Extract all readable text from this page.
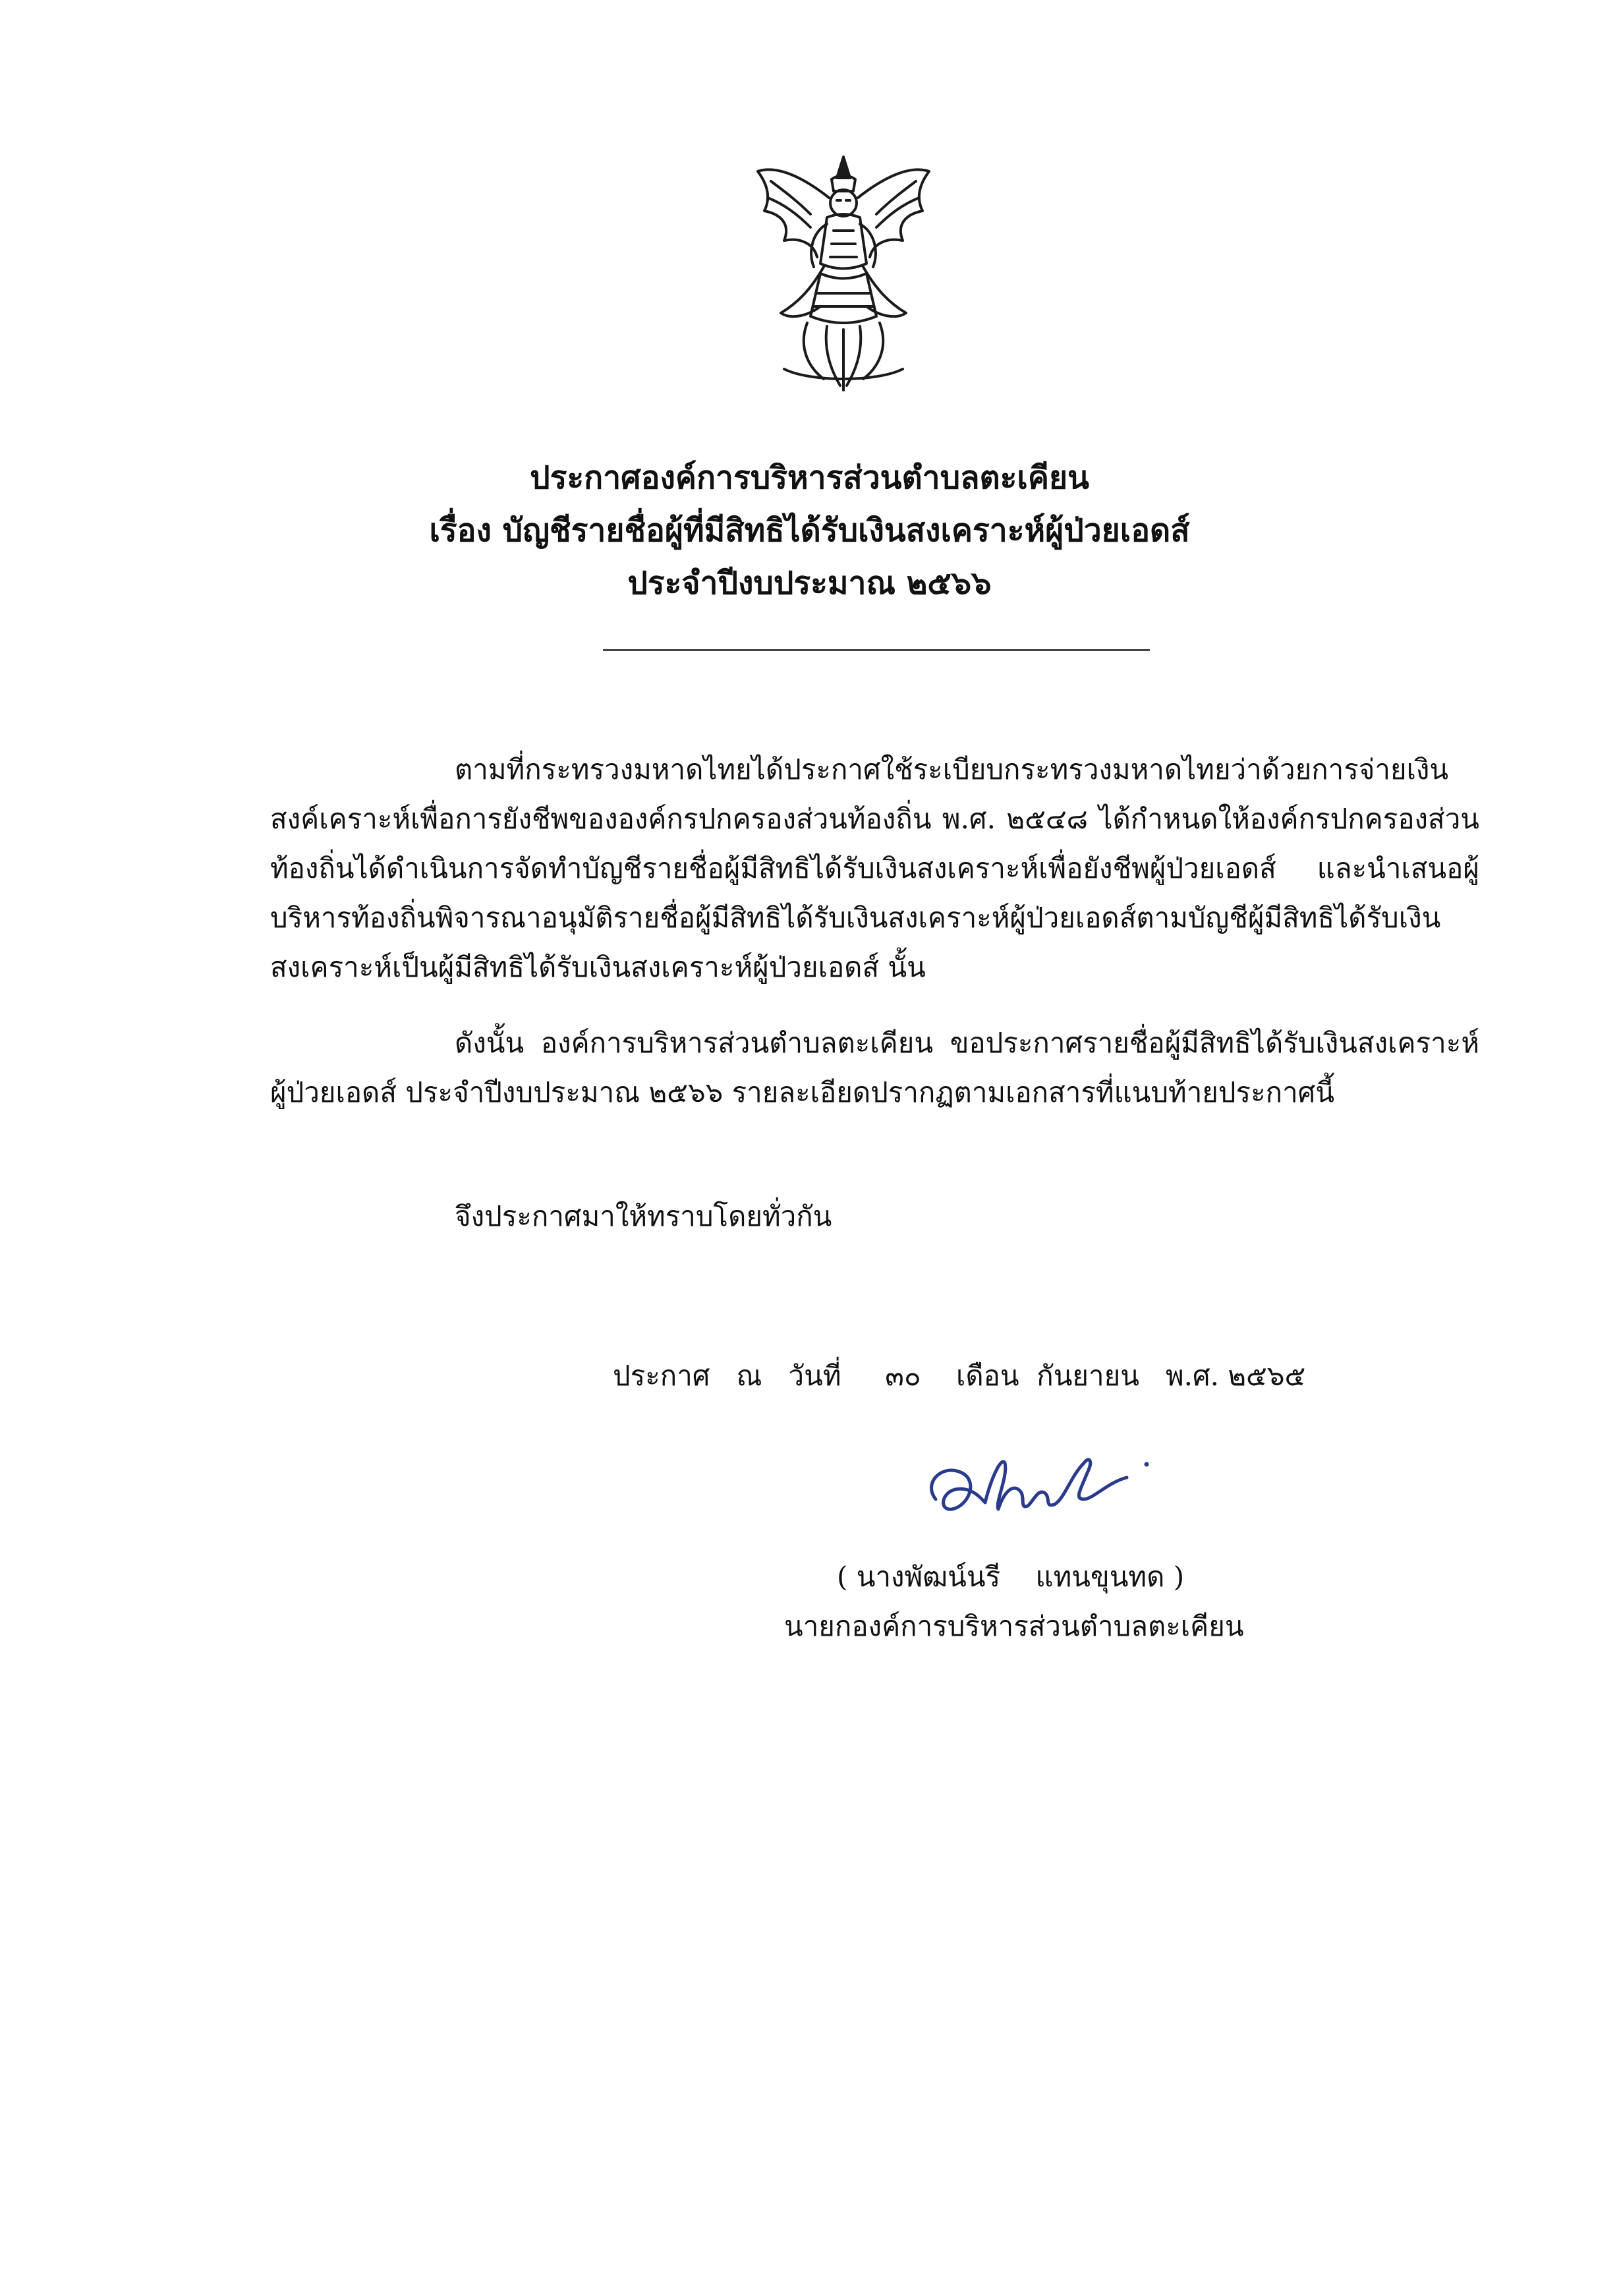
ประกาศองค์การบริหารส่วนตำบลตะเคียน
เรื่อง บัญชีรายชื่อผู้ที่มีสิทธิได้รับเงินสงเคราะห์ผู้ป่วยเอดส์
ประจำปีงบประมาณ ๒๕๖๖
ตามที่กระทรวงมหาดไทยได้ประกาศใช้ระเบียบกระทรวงมหาดไทยว่าด้วยการจ่ายเงินสงค์เคราะห์เพื่อการยังชีพขององค์กรปกครองส่วนท้องถิ่น พ.ศ. ๒๕๔๘ ได้กำหนดให้องค์กรปกครองส่วนท้องถิ่นได้ดำเนินการจัดทำบัญชีรายชื่อผู้มีสิทธิได้รับเงินสงเคราะห์เพื่อยังชีพผู้ป่วยเอดส์ และนำเสนอผู้บริหารท้องถิ่นพิจารณาอนุมัติรายชื่อผู้มีสิทธิได้รับเงินสงเคราะห์ผู้ป่วยเอดส์ตามบัญชีผู้มีสิทธิได้รับเงินสงเคราะห์เป็นผู้มีสิทธิได้รับเงินสงเคราะห์ผู้ป่วยเอดส์ นั้น
ดังนั้น องค์การบริหารส่วนตำบลตะเคียน ขอประกาศรายชื่อผู้มีสิทธิได้รับเงินสงเคราะห์ผู้ป่วยเอดส์ ประจำปีงบประมาณ ๒๕๖๖ รายละเอียดปรากฏตามเอกสารที่แนบท้ายประกาศนี้
จึงประกาศมาให้ทราบโดยทั่วกัน
ประกาศ   ณ   วันที่     ๓๐    เดือน  กันยายน   พ.ศ. ๒๕๖๕
( นางพัฒน์นรี    แทนขุนทด )
นายกองค์การบริหารส่วนตำบลตะเคียน
